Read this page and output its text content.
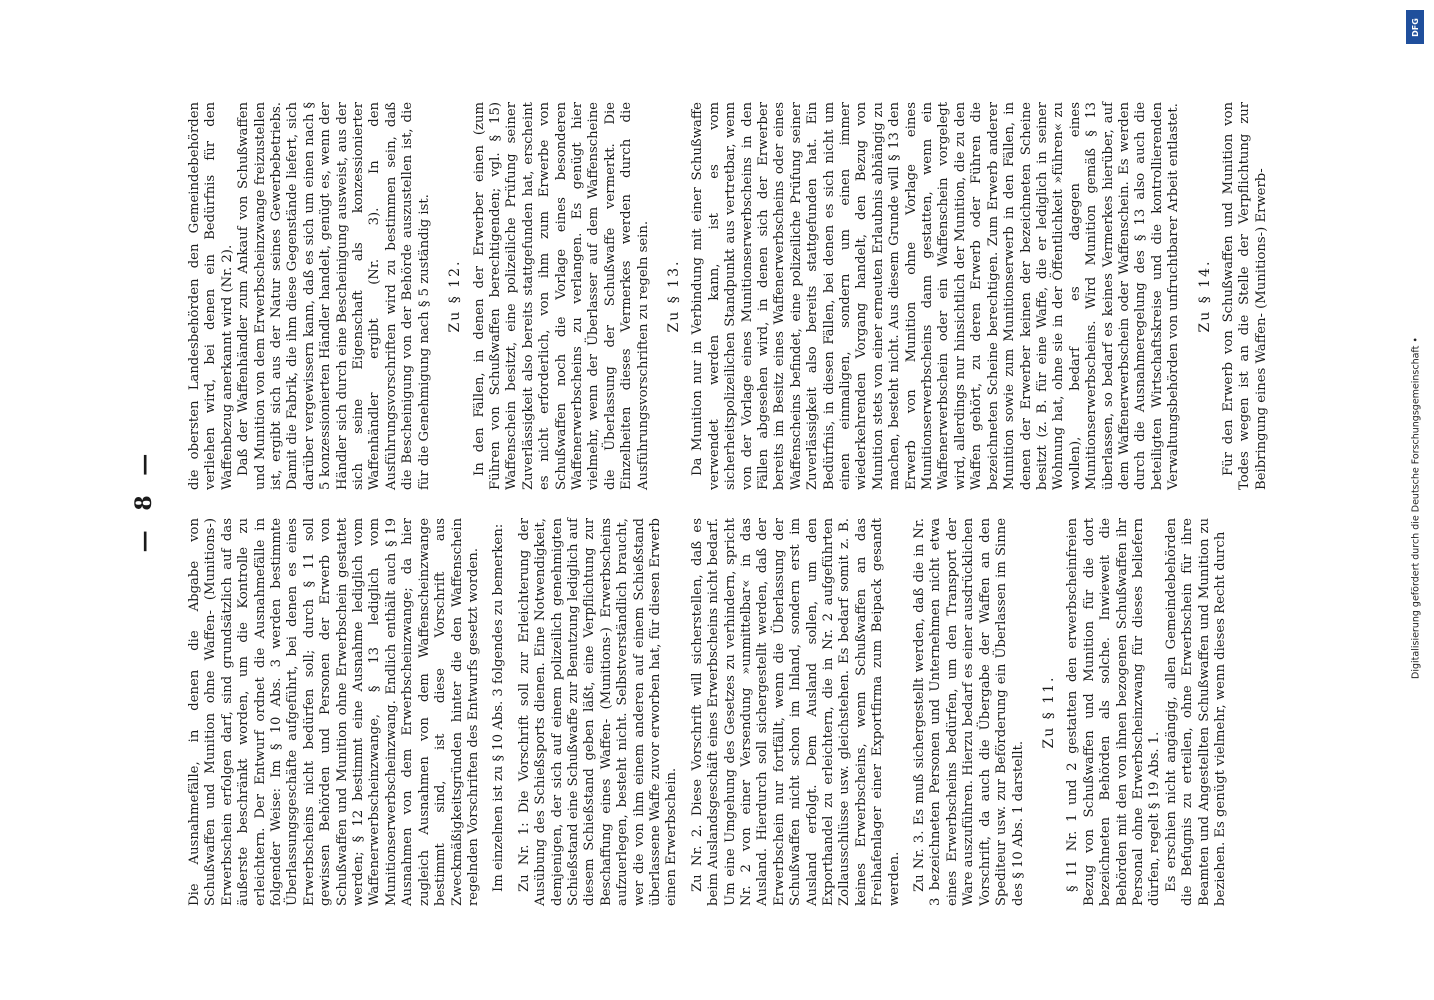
— 8 —

Die Ausnahmefälle, in denen die Abgabe von Schußwaffen und Munition ohne Waffen- (Munitions-) Erwerbschein erfolgen darf, sind grundsätzlich auf das äußerste beschränkt worden, um die Kontrolle zu erleichtern. Der Entwurf ordnet die Ausnahmefälle in folgender Weise: Im § 10 Abs. 3 werden bestimmte Überlassungsgeschäfte aufgeführt, bei denen es eines Erwerbscheins nicht bedürfen soll; durch § 11 soll gewissen Behörden und Personen der Erwerb von Schußwaffen und Munition ohne Erwerbschein gestattet werden; § 12 bestimmt eine Ausnahme lediglich vom Waffenerwerbscheinzwange, § 13 lediglich vom Munitionserwerbscheinzwang. Endlich enthält auch § 19 Ausnahmen von dem Erwerbscheinzwange; da hier zugleich Ausnahmen von dem Waffenscheinzwange bestimmt sind, ist diese Vorschrift aus Zweckmäßigkeitsgründen hinter die den Waffenschein regelnden Vorschriften des Entwurfs gesetzt worden. Im einzelnen ist zu § 10 Abs. 3 folgendes zu bemerken: Zu Nr. 1: Die Vorschrift soll zur Erleichterung der Ausübung des Schießsports dienen. Eine Notwendigkeit, demjenigen, der sich auf einem polizeilich genehmigten Schießstand eine Schußwaffe zur Benutzung lediglich auf diesem Schießstand geben läßt, eine Verpflichtung zur Beschaffung eines Waffen- (Munitions-) Erwerbscheins aufzuerlegen, besteht nicht. Selbstverständlich braucht, wer die von ihm einem anderen auf einem Schießstand überlassene Waffe zuvor erworben hat, für diesen Erwerb einen Erwerbschein. Zu Nr. 2. Diese Vorschrift will sicherstellen, daß es beim Auslandsgeschäft eines Erwerbscheins nicht bedarf. Um eine Umgehung des Gesetzes zu verhindern, spricht Nr. 2 von einer Versendung »unmittelbar« in das Ausland. Hierdurch soll sichergestellt werden, daß der Erwerbschein nur fortfällt, wenn die Überlassung der Schußwaffen nicht schon im Inland, sondern erst im Ausland erfolgt. Dem Ausland sollen, um den Exporthandel zu erleichtern, die in Nr. 2 aufgeführten Zollausschlüsse usw. gleichstehen. Es bedarf somit z. B. keines Erwerbscheins, wenn Schußwaffen an das Freihafenlager einer Exportfirma zum Beipack gesandt werden. Zu Nr. 3. Es muß sichergestellt werden, daß die in Nr. 3 bezeichneten Personen und Unternehmen nicht etwa eines Erwerbscheins bedürfen, um den Transport der Ware auszuführen. Hierzu bedarf es einer ausdrücklichen Vorschrift, da auch die Übergabe der Waffen an den Spediteur usw. zur Beförderung ein Überlassen im Sinne des § 10 Abs. 1 darstellt.

Zu § 11. § 11 Nr. 1 und 2 gestatten den erwerbscheinfreien Bezug von Schußwaffen und Munition für die dort bezeichneten Behörden als solche. Inwieweit die Behörden mit den von ihnen bezogenen Schußwaffen ihr Personal ohne Erwerbscheinzwang für dieses beliefern dürfen, regelt § 19 Abs. 1. Es erschien nicht angängig, allen Gemeindebehörden die Befugnis zu erteilen, ohne Erwerbschein für ihre Beamten und Angestellten Schußwaffen und Munition zu beziehen. Es genügt vielmehr, wenn dieses Recht durch

die obersten Landesbehörden den Gemeindebehörden verliehen wird, bei denen ein Bedürfnis für den Waffenbezug anerkannt wird (Nr. 2). Daß der Waffenhändler zum Ankauf von Schußwaffen und Munition von dem Erwerbscheinzwange freizustellen ist, ergibt sich aus der Natur seines Gewerbebetriebs. Damit die Fabrik, die ihm diese Gegenstände liefert, sich darüber vergewissern kann, daß es sich um einen nach § 5 konzessionierten Händler handelt, genügt es, wenn der Händler sich durch eine Bescheinigung ausweist, aus der sich seine Eigenschaft als konzessionierter Waffenhändler ergibt (Nr. 3). In den Ausführungsvorschriften wird zu bestimmen sein, daß die Bescheinigung von der Behörde auszustellen ist, die für die Genehmigung nach § 5 zuständig ist. Zu § 12. In den Fällen, in denen der Erwerber einen (zum Führen von Schußwaffen berechtigenden; vgl. § 15) Waffenschein besitzt, eine polizeiliche Prüfung seiner Zuverlässigkeit also bereits stattgefunden hat, erscheint es nicht erforderlich, von ihm zum Erwerbe von Schußwaffen noch die Vorlage eines besonderen Waffenerwerbscheins zu verlangen. Es genügt hier vielmehr, wenn der Überlasser auf dem Waffenscheine die Überlassung der Schußwaffe vermerkt. Die Einzelheiten dieses Vermerkes werden durch die Ausführungsvorschriften zu regeln sein. Zu § 13. Da Munition nur in Verbindung mit einer Schußwaffe verwendet werden kann, ist es vom sicherheitspolizeilichen Standpunkt aus vertretbar, wenn von der Vorlage eines Munitionserwerbscheins in den Fällen abgesehen wird, in denen sich der Erwerber bereits im Besitz eines Waffenerwerbscheins oder eines Waffenscheins befindet, eine polizeiliche Prüfung seiner Zuverlässigkeit also bereits stattgefunden hat. Ein Bedürfnis, in diesen Fällen, bei denen es sich nicht um einen einmaligen, sondern um einen immer wiederkehrenden Vorgang handelt, den Bezug von Munition stets von einer erneuten Erlaubnis abhängig zu machen, besteht nicht. Aus diesem Grunde will § 13 den Erwerb von Munition ohne Vorlage eines Munitionserwerbscheins dann gestatten, wenn ein Waffenerwerbschein oder ein Waffenschein vorgelegt wird, allerdings nur hinsichtlich der Munition, die zu den Waffen gehört, zu deren Erwerb oder Führen die bezeichneten Scheine berechtigen. Zum Erwerb anderer Munition sowie zum Munitionserwerb in den Fällen, in denen der Erwerber keinen der bezeichneten Scheine besitzt (z. B. für eine Waffe, die er lediglich in seiner Wohnung hat, ohne sie in der Öffentlichkeit »führen« zu wollen), bedarf es dagegen eines Munitionserwerbscheins. Wird Munition gemäß § 13 überlassen, so bedarf es keines Vermerkes hierüber, auf dem Waffenerwerbschein oder Waffenschein. Es werden durch die Ausnahmeregelung des § 13 also auch die beteiligten Wirtschaftskreise und die kontrollierenden Verwaltungsbehörden von unfruchtbarer Arbeit entlastet. Zu § 14. Für den Erwerb von Schußwaffen und Munition von Todes wegen ist an die Stelle der Verpflichtung zur Beibringung eines Waffen- (Munitions-) Erwerb-

DFG
Digitalisierung gefördert durch die Deutsche Forschungsgemeinschaft •
